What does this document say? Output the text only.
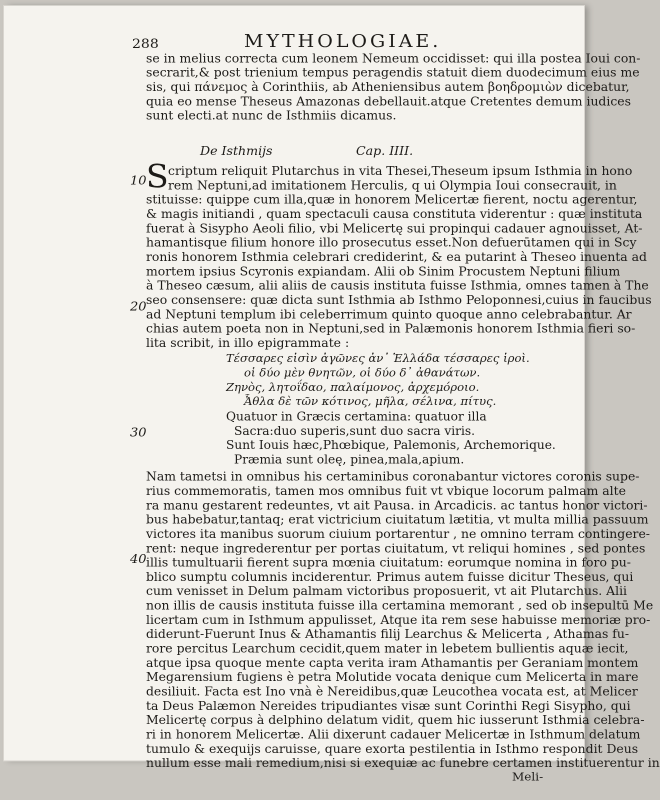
288	MYTHOLOGIAE.
se in melius correcta cum leonem Nemeum occidisset: qui illa postea Ioui con-
secrarit,& post trienium tempus peragendis statuit diem duodecimum eius me
sis, qui πάνεμος à Corinthiis, ab Atheniensibus autem βοηδρομιὼν dicebatur,
quia eo mense Theseus Amazonas debellauit.atque Cretentes demum iudices
sunt electi.at nunc de Isthmiis dicamus.
De Isthmijs	Cap. IIII.
S criptum reliquit Plutarchus in vita Thesei,Theseum ipsum Isthmia in hono
rem Neptuni,ad imitationem Herculis, q ui Olympia Ioui consecrauit, in
stituisse: quippe cum illa,quæ in honorem Melicertæ fierent, noctu agerentur,
& magis initiandi , quam spectaculi causa constituta viderentur : quæ instituta
fuerat à Sisypho Aeoli filio, vbi Melicertę sui propinqui cadauer agnouisset, At-
hamantisque filium honore illo prosecutus esset.Non defuerūtamen qui in Scy
ronis honorem Isthmia celebrari crediderint, & ea putarint à Theseo inuenta ad
mortem ipsius Scyronis expiandam. Alii ob Sinim Procustem Neptuni filium
à Theseo cæsum, alii aliis de causis instituta fuisse Isthmia, omnes tamen à The
seo consensere: quæ dicta sunt Isthmia ab Isthmo Peloponnesi,cuius in faucibus
ad Neptuni templum ibi celeberrimum quinto quoque anno celebrabantur. Ar
chias autem poeta non in Neptuni,sed in Palæmonis honorem Isthmia fieri so-
lita scribit, in illo epigrammate :
Τέσσαρες εἰσὶν ἀγῶνες ἀν᾽ Ἑλλάδα τέσσαρες ἱροὶ.
οἱ δύο μὲν θνητῶν, οἱ δύο δ᾽ ἀθανάτων.
Ζηνὸς, λητοΐδαο, παλαίμονος, ἀρχεμόροιο.
Ἆθλα δὲ τῶν κότινος, μῆλα, σέλινα, πίτυς.
Quatuor in Græcis certamina: quatuor illa
Sacra:duo superis,sunt duo sacra viris.
Sunt Iouis hæc,Phœbique, Palemonis, Archemorique.
Præmia sunt oleę, pinea,mala,apium.
Nam tametsi in omnibus his certaminibus coronabantur victores coronis supe-
rius commemoratis, tamen mos omnibus fuit vt vbique locorum palmam alte
ra manu gestarent redeuntes, vt ait Pausa. in Arcadicis. ac tantus honor victori-
bus habebatur,tantaq; erat victricium ciuitatum lætitia, vt multa millia passuum
victores ita manibus suorum ciuium portarentur , ne omnino terram contingere-
rent: neque ingrederentur per portas ciuitatum, vt reliqui homines , sed pontes
illis tumultuarii fierent supra mœnia ciuitatum: eorumque nomina in foro pu-
blico sumptu columnis inciderentur. Primus autem fuisse dicitur Theseus, qui
cum venisset in Delum palmam victoribus proposuerit, vt ait Plutarchus. Alii
non illis de causis instituta fuisse illa certamina memorant , sed ob insepultū Me
licertam cum in Isthmum appulisset, Atque ita rem sese habuisse memoriæ pro-
diderunt-Fuerunt Inus & Athamantis filij Learchus & Melicerta , Athamas fu-
rore percitus Learchum cecidit,quem mater in lebetem bullientis aquæ iecit,
atque ipsa quoque mente capta verita iram Athamantis per Geraniam montem
Megarensium fugiens è petra Molutide vocata denique cum Melicerta in mare
desiliuit. Facta est Ino vnà è Nereidibus,quæ Leucothea vocata est, at Melicer
ta Deus Palæmon Nereides tripudiantes visæ sunt Corinthi Regi Sisypho, qui
Melicertę corpus à delphino delatum vidit, quem hic iusserunt Isthmia celebra-
ri in honorem Melicertæ. Alii dixerunt cadauer Melicertæ in Isthmum delatum
tumulo & exequijs caruisse, quare exorta pestilentia in Isthmo respondit Deus
nullum esse mali remedium,nisi si exequiæ ac funebre certamen instituerentur in
Meli-
10
20
30
40
